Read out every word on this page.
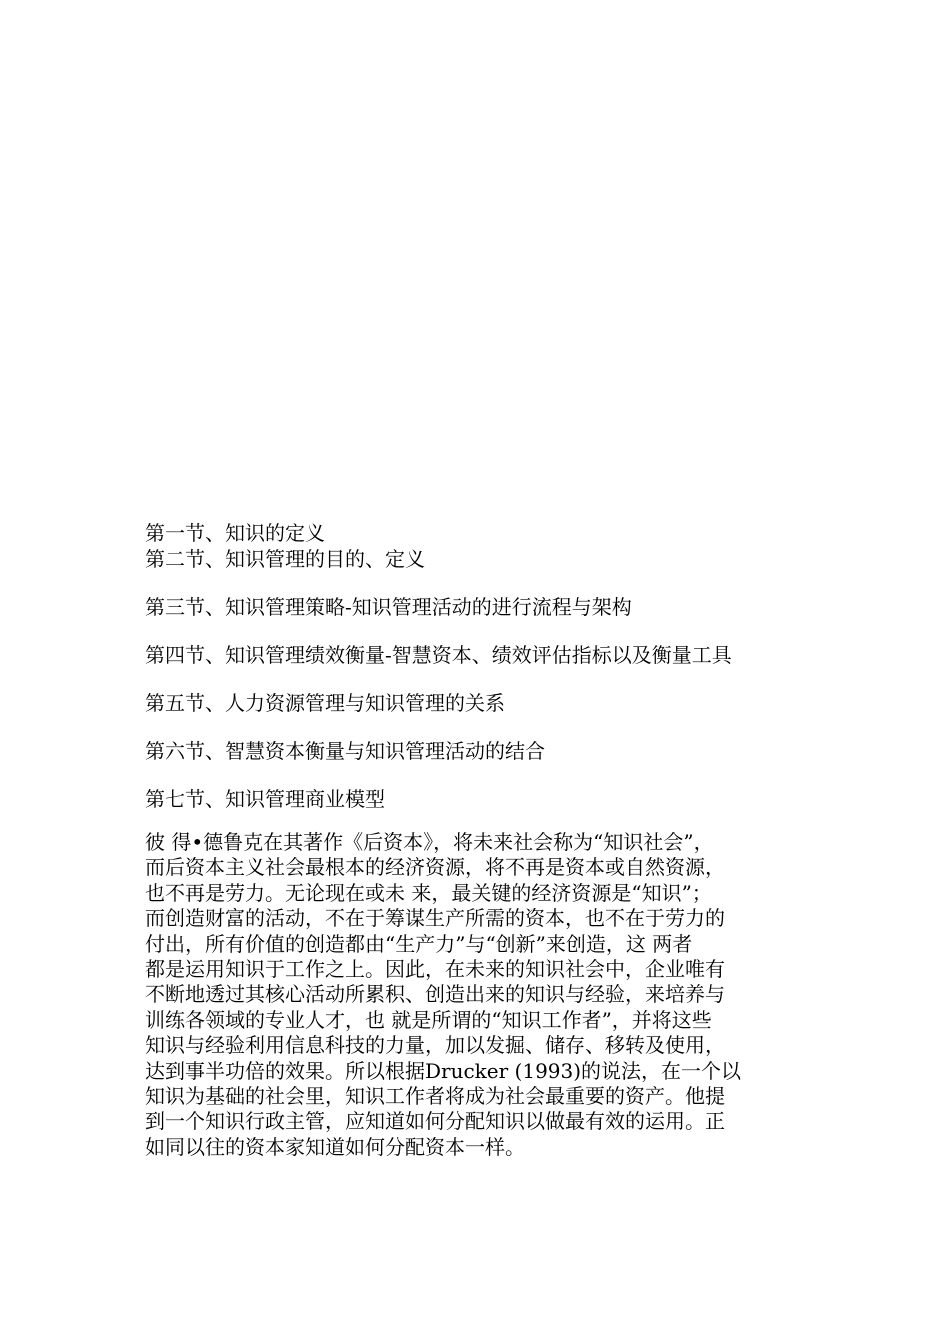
第一节、知识的定义
第二节、知识管理的目的、定义
第三节、知识管理策略-知识管理活动的进行流程与架构
第四节、知识管理绩效衡量-智慧资本、绩效评估指标以及衡量工具
第五节、人力资源管理与知识管理的关系
第六节、智慧资本衡量与知识管理活动的结合
第七节、知识管理商业模型
彼 得•德鲁克在其著作《后资本》，将未来社会称为“知识社会”，
而后资本主义社会最根本的经济资源，将不再是资本或自然资源，
也不再是劳力。无论现在或未 来，最关键的经济资源是“知识”；
而创造财富的活动，不在于筹谋生产所需的资本，也不在于劳力的
付出，所有价值的创造都由“生产力”与“创新”来创造，这 两者
都是运用知识于工作之上。因此，在未来的知识社会中，企业唯有
不断地透过其核心活动所累积、创造出来的知识与经验，来培养与
训练各领域的专业人才，也 就是所谓的“知识工作者”，并将这些
知识与经验利用信息科技的力量，加以发掘、储存、移转及使用，
达到事半功倍的效果。所以根据Drucker (1993)的说法，在一个以
知识为基础的社会里，知识工作者将成为社会最重要的资产。他提
到一个知识行政主管，应知道如何分配知识以做最有效的运用。正
如同以往的资本家知道如何分配资本一样。
